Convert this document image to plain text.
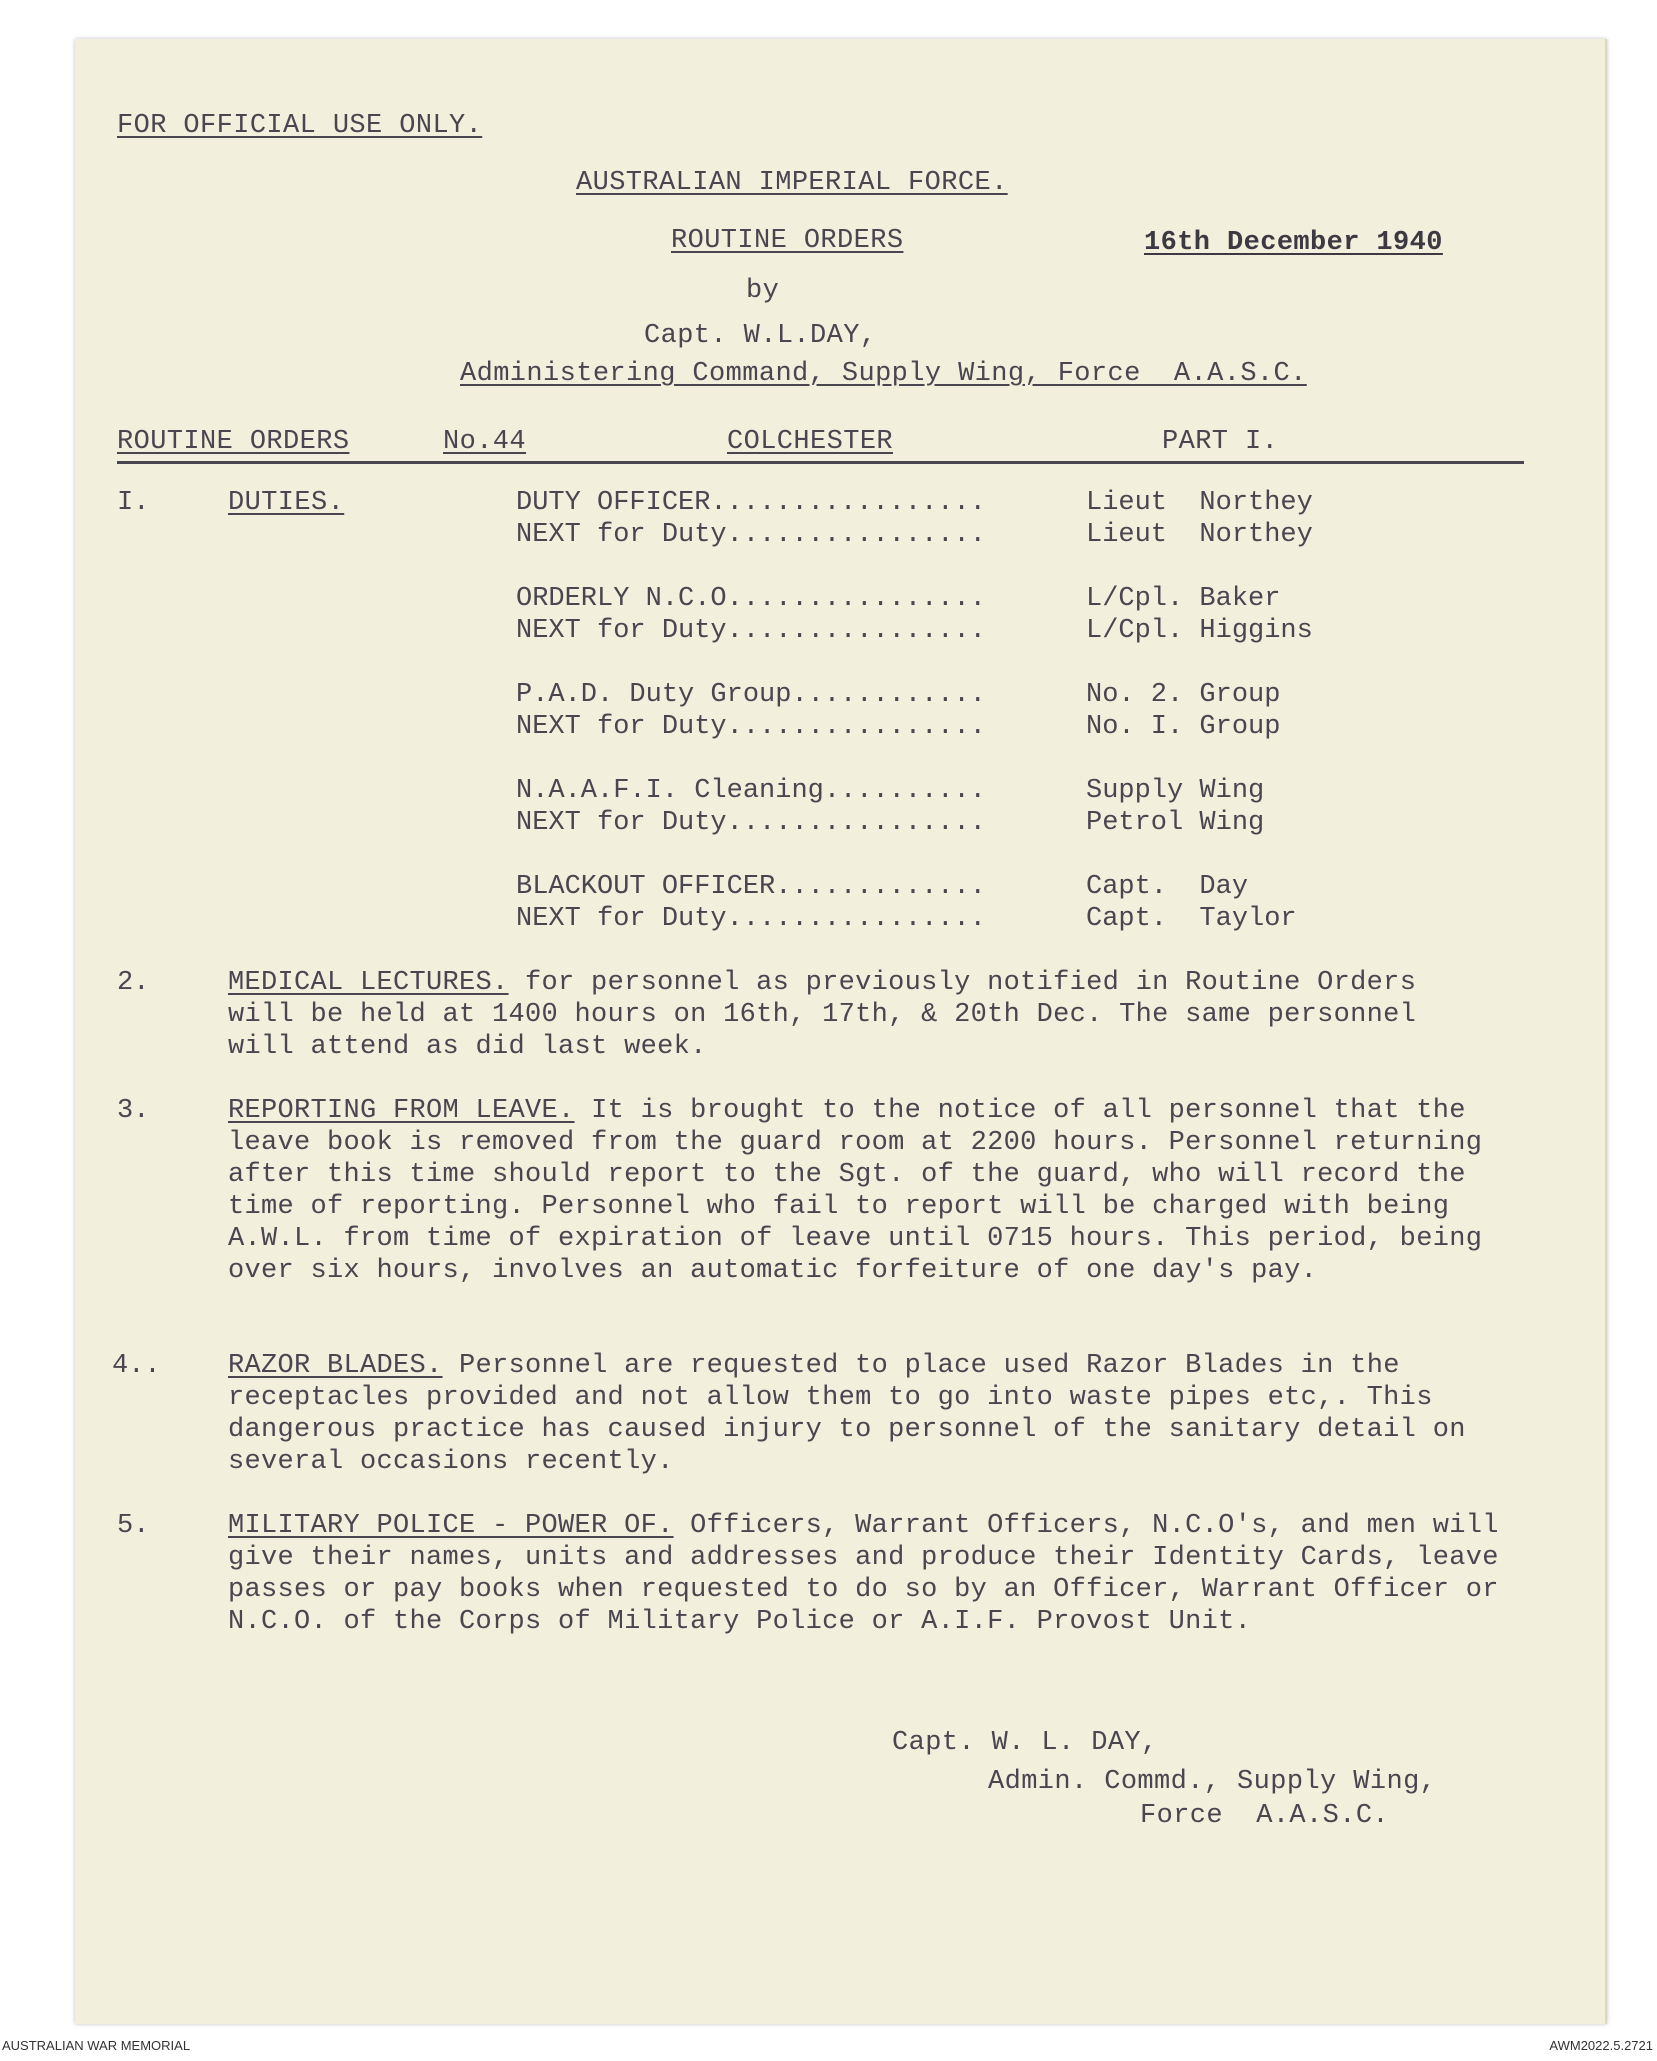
FOR OFFICIAL USE ONLY.
AUSTRALIAN IMPERIAL FORCE.
ROUTINE ORDERS	16th December 1940
by
Capt. W.L.DAY,
Administering Command, Supply Wing, Force  A.A.S.C.
ROUTINE ORDERS	No.44	COLCHESTER	PART I.
I.	DUTIES.	DUTY OFFICER.................	Lieut  Northey
NEXT for Duty................	Lieut  Northey
ORDERLY N.C.O................	L/Cpl. Baker
NEXT for Duty................	L/Cpl. Higgins
P.A.D. Duty Group............	No. 2. Group
NEXT for Duty................	No. I. Group
N.A.A.F.I. Cleaning..........	Supply Wing
NEXT for Duty................	Petrol Wing
BLACKOUT OFFICER.............	Capt.  Day
NEXT for Duty................	Capt.  Taylor
2.	MEDICAL LECTURES. for personnel as previously notified in Routine Orders will be held at 1400 hours on 16th, 17th, & 20th Dec. The same personnel will attend as did last week.
3.	REPORTING FROM LEAVE. It is brought to the notice of all personnel that the leave book is removed from the guard room at 2200 hours. Personnel returning after this time should report to the Sgt. of the guard, who will record the time of reporting. Personnel who fail to report will be charged with being A.W.L. from time of expiration of leave until 0715 hours. This period, being over six hours, involves an automatic forfeiture of one day's pay.
4.. RAZOR BLADES. Personnel are requested to place used Razor Blades in the receptacles provided and not allow them to go into waste pipes etc,. This dangerous practice has caused injury to personnel of the sanitary detail on several occasions recently.
5.	MILITARY POLICE - POWER OF. Officers, Warrant Officers, N.C.O's, and men will give their names, units and addresses and produce their Identity Cards, leave passes or pay books when requested to do so by an Officer, Warrant Officer or N.C.O. of the Corps of Military Police or A.I.F. Provost Unit.
Capt. W. L. DAY,
Admin. Commd., Supply Wing,
Force  A.A.S.C.
AUSTRALIAN WAR MEMORIAL	AWM2022.5.2721
